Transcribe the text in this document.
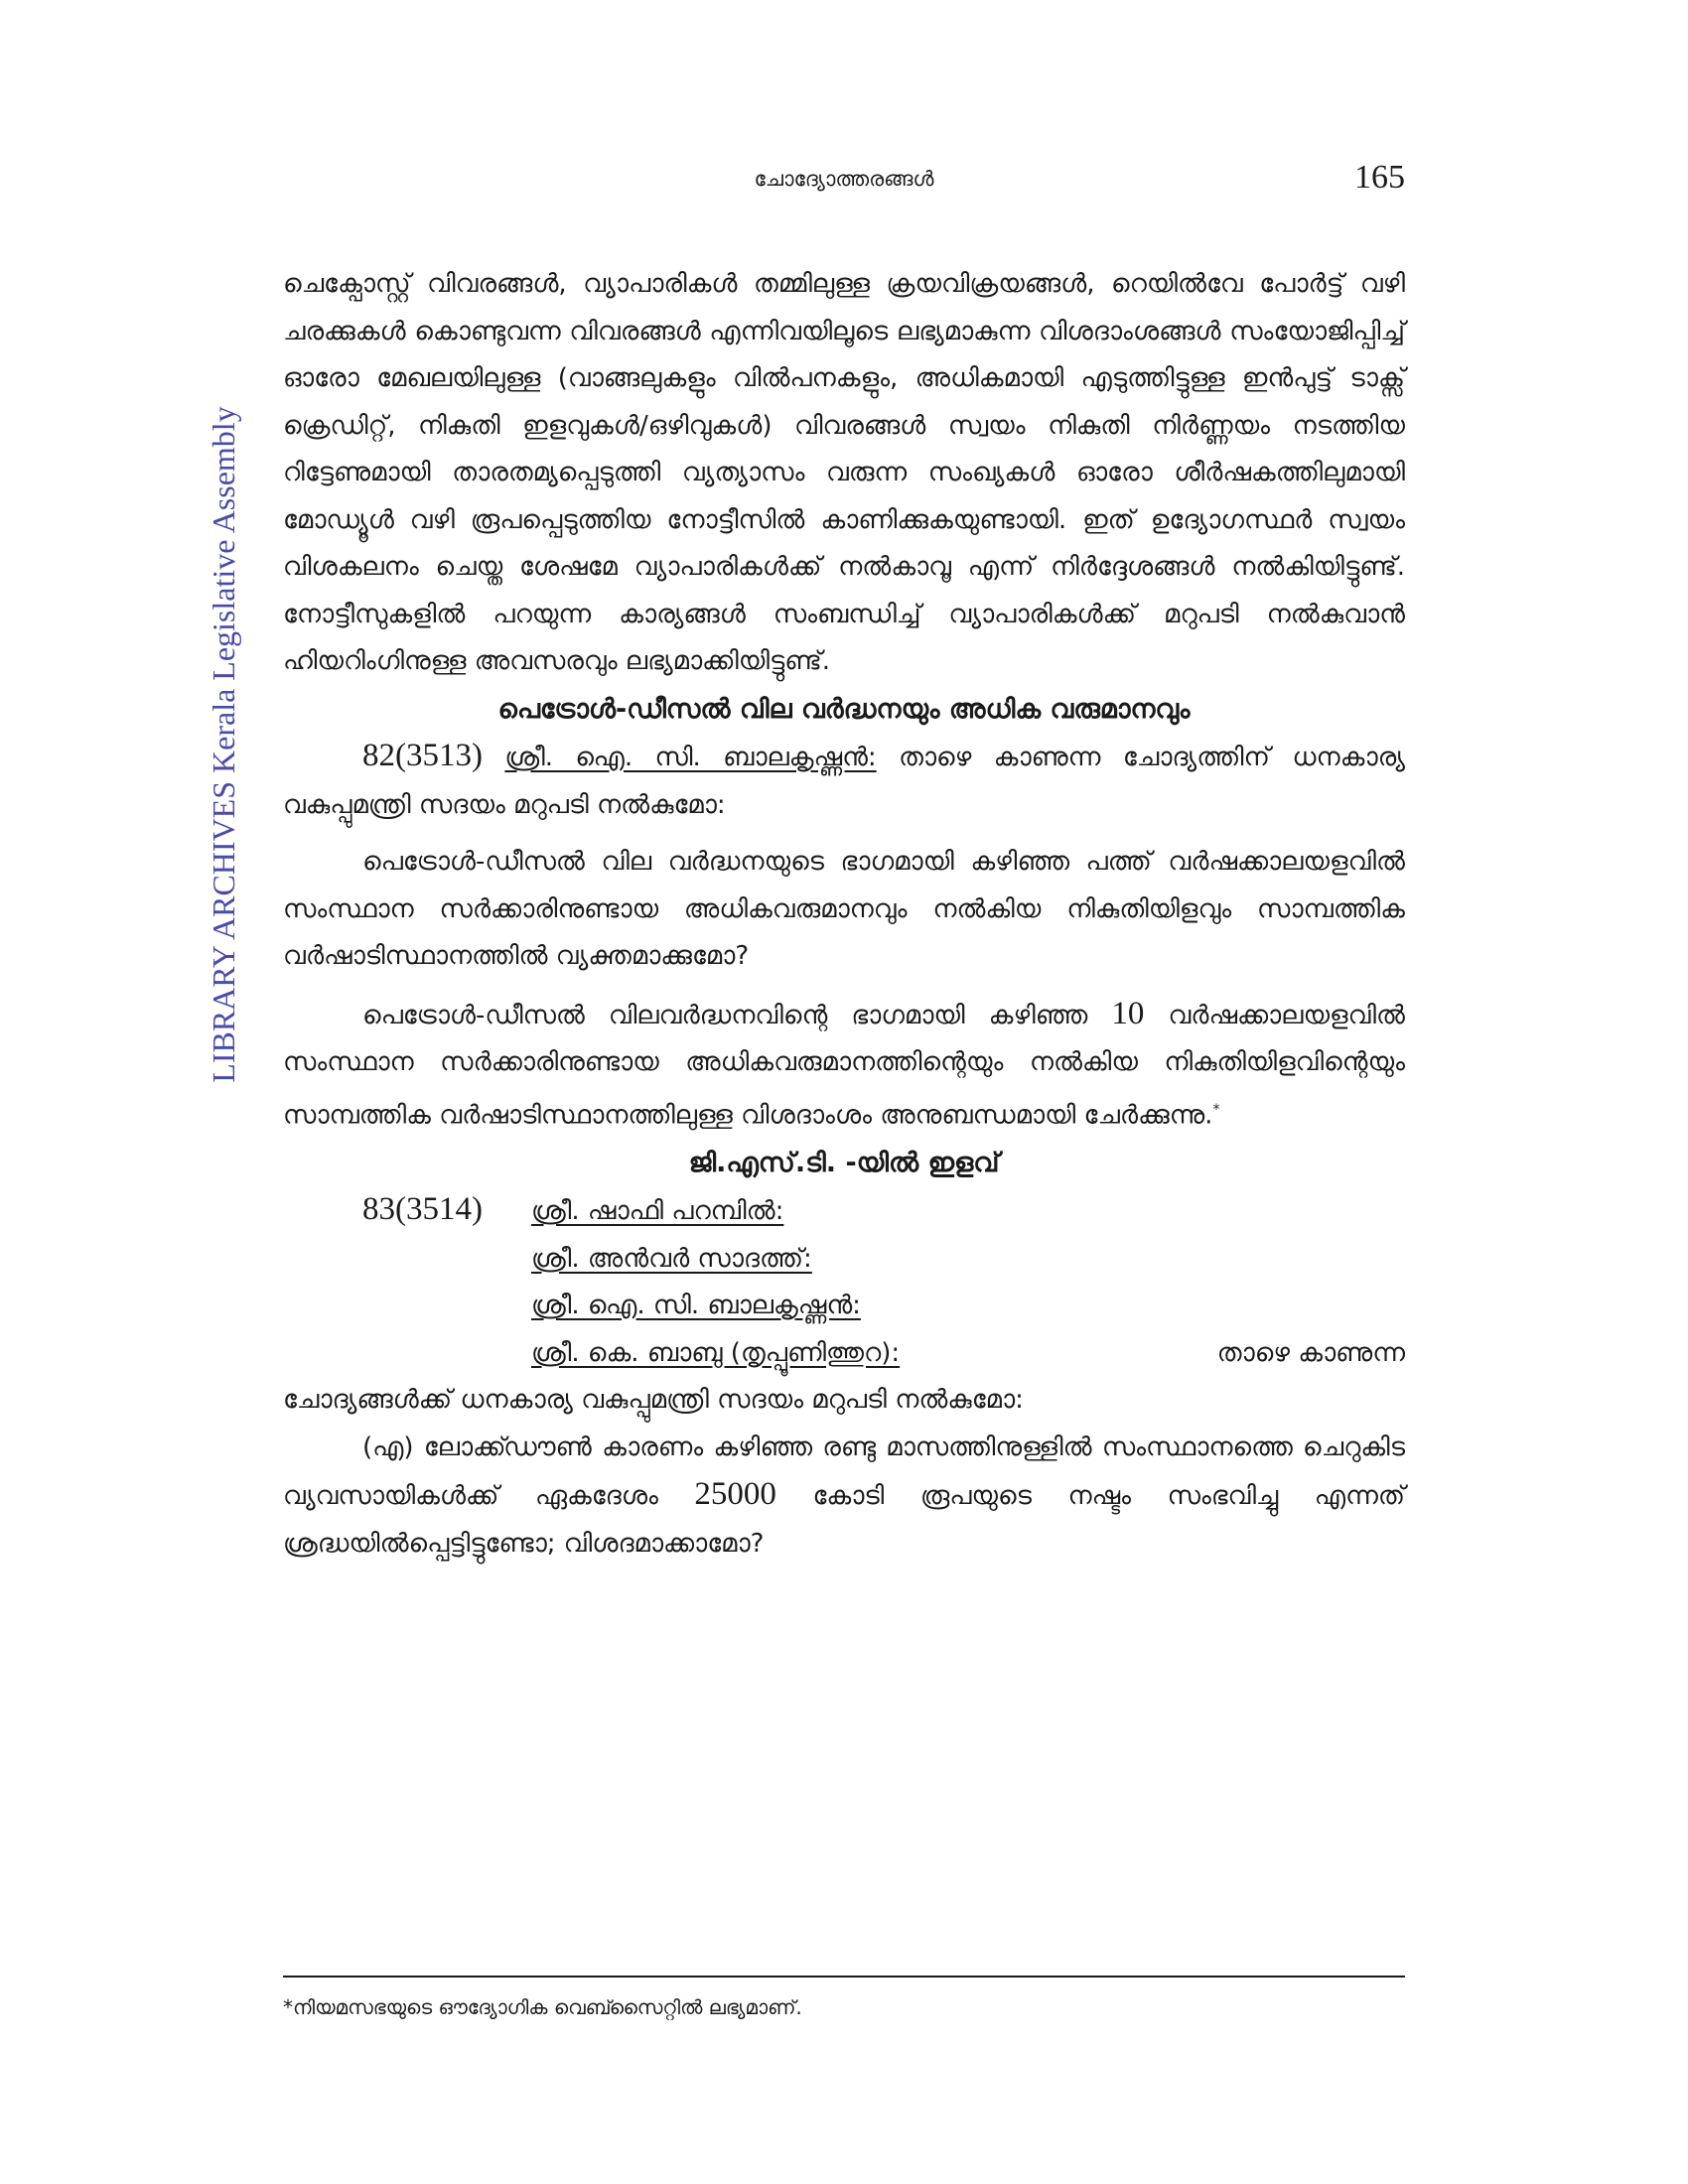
LIBRARY ARCHIVES Kerala Legislative Assembly
ചോദ്യോത്തരങ്ങൾ	165

ചെക്പോസ്റ്റ് വിവരങ്ങൾ, വ്യാപാരികൾ തമ്മിലുള്ള ക്രയവിക്രയങ്ങൾ, റെയിൽവേ പോർട്ട് വഴി ചരക്കുകൾ കൊണ്ടുവന്ന വിവരങ്ങൾ എന്നിവയിലൂടെ ലഭ്യമാകുന്ന വിശദാംശങ്ങൾ സംയോജിപ്പിച്ച് ഓരോ മേഖലയിലുള്ള (വാങ്ങലുകളും വിൽപനകളും, അധികമായി എടുത്തിട്ടുള്ള ഇൻപുട്ട് ടാക്സ് ക്രെഡിറ്റ്, നികുതി ഇളവുകൾ/ഒഴിവുകൾ) വിവരങ്ങൾ സ്വയം നികുതി നിർണ്ണയം നടത്തിയ റിട്ടേണുമായി താരതമ്യപ്പെടുത്തി വ്യത്യാസം വരുന്ന സംഖ്യകൾ ഓരോ ശീർഷകത്തിലുമായി മോഡ്യൂൾ വഴി രൂപപ്പെടുത്തിയ നോട്ടീസിൽ കാണിക്കുകയുണ്ടായി. ഇത് ഉദ്യോഗസ്ഥർ സ്വയം വിശകലനം ചെയ്ത ശേഷമേ വ്യാപാരികൾക്ക് നൽകാവൂ എന്ന് നിർദ്ദേശങ്ങൾ നൽകിയിട്ടുണ്ട്. നോട്ടീസുകളിൽ പറയുന്ന കാര്യങ്ങൾ സംബന്ധിച്ച് വ്യാപാരികൾക്ക് മറുപടി നൽകുവാൻ ഹിയറിംഗിനുള്ള അവസരവും ലഭ്യമാക്കിയിട്ടുണ്ട്.

പെട്രോൾ-ഡീസൽ വില വർദ്ധനയും അധിക വരുമാനവും

82(3513) ശ്രീ. ഐ. സി. ബാലകൃഷ്ണൻ: താഴെ കാണുന്ന ചോദ്യത്തിന് ധനകാര്യ വകുപ്പുമന്ത്രി സദയം മറുപടി നൽകുമോ:

പെട്രോൾ-ഡീസൽ വില വർദ്ധനയുടെ ഭാഗമായി കഴിഞ്ഞ പത്ത് വർഷക്കാലയളവിൽ സംസ്ഥാന സർക്കാരിനുണ്ടായ അധികവരുമാനവും നൽകിയ നികുതിയിളവും സാമ്പത്തിക വർഷാടിസ്ഥാനത്തിൽ വ്യക്തമാക്കുമോ?

പെട്രോൾ-ഡീസൽ വിലവർദ്ധനവിന്റെ ഭാഗമായി കഴിഞ്ഞ 10 വർഷക്കാലയളവിൽ സംസ്ഥാന സർക്കാരിനുണ്ടായ അധികവരുമാനത്തിന്റെയും നൽകിയ നികുതിയിളവിന്റെയും സാമ്പത്തിക വർഷാടിസ്ഥാനത്തിലുള്ള വിശദാംശം അനുബന്ധമായി ചേർക്കുന്നു.*

ജി.എസ്.ടി. -യിൽ ഇളവ്

83(3514)	ശ്രീ. ഷാഫി പറമ്പിൽ:
ശ്രീ. അൻവർ സാദത്ത്:
ശ്രീ. ഐ. സി. ബാലകൃഷ്ണൻ:
ശ്രീ. കെ. ബാബു (തൃപ്പൂണിത്തുറ):	താഴെ കാണുന്ന

ചോദ്യങ്ങൾക്ക് ധനകാര്യ വകുപ്പുമന്ത്രി സദയം മറുപടി നൽകുമോ:

(എ) ലോക്ക്ഡൗൺ കാരണം കഴിഞ്ഞ രണ്ടു മാസത്തിനുള്ളിൽ സംസ്ഥാനത്തെ ചെറുകിട വ്യവസായികൾക്ക് ഏകദേശം 25000 കോടി രൂപയുടെ നഷ്ടം സംഭവിച്ചു എന്നത് ശ്രദ്ധയിൽപ്പെട്ടിട്ടുണ്ടോ; വിശദമാക്കാമോ?

*നിയമസഭയുടെ ഔദ്യോഗിക വെബ്സൈറ്റിൽ ലഭ്യമാണ്.
